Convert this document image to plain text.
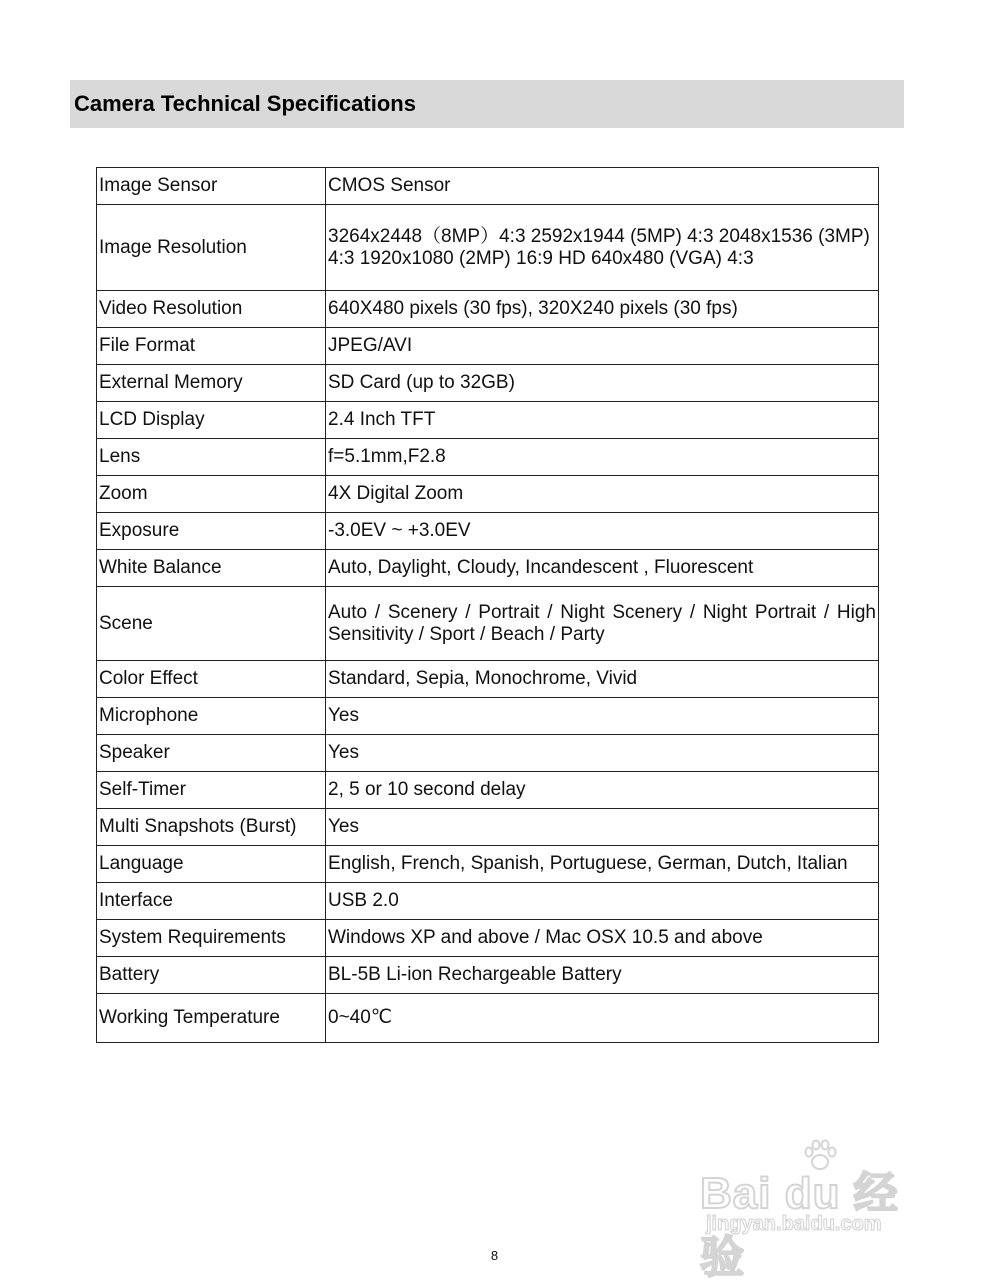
Camera Technical Specifications
Image Sensor	CMOS Sensor
Image Resolution	3264x2448（8MP）4:3 2592x1944 (5MP) 4:3 2048x1536 (3MP) 4:3 1920x1080 (2MP) 16:9 HD 640x480 (VGA) 4:3
Video Resolution	640X480 pixels (30 fps), 320X240 pixels (30 fps)
File Format	JPEG/AVI
External Memory	SD Card (up to 32GB)
LCD Display	2.4 Inch TFT
Lens	f=5.1mm,F2.8
Zoom	4X Digital Zoom
Exposure	-3.0EV ~ +3.0EV
White Balance	Auto, Daylight, Cloudy, Incandescent , Fluorescent
Scene	Auto / Scenery / Portrait / Night Scenery / Night Portrait / High Sensitivity / Sport / Beach / Party
Color Effect	Standard, Sepia, Monochrome, Vivid
Microphone	Yes
Speaker	Yes
Self-Timer	2, 5 or 10 second delay
Multi Snapshots (Burst)	Yes
Language	English, French, Spanish, Portuguese, German, Dutch, Italian
Interface	USB 2.0
System Requirements	Windows XP and above / Mac OSX 10.5 and above
Battery	BL-5B Li-ion Rechargeable Battery
Working Temperature	0~40℃
Bai du 经验
jingyan.baidu.com
8
